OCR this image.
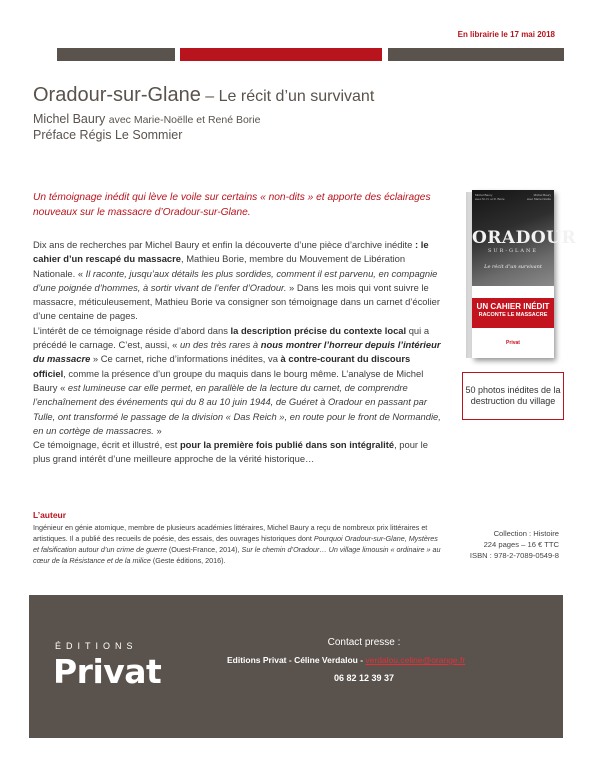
En librairie le 17 mai 2018
Oradour-sur-Glane – Le récit d’un survivant
Michel Baury avec Marie-Noëlle et René Borie
Préface Régis Le Sommier
Un témoignage inédit qui lève le voile sur certains « non-dits » et apporte des éclairages nouveaux sur le massacre d’Oradour-sur-Glane.

Dix ans de recherches par Michel Baury et enfin la découverte d’une pièce d’archive inédite : le cahier d’un rescapé du massacre, Mathieu Borie, membre du Mouvement de Libération Nationale. « Il raconte, jusqu’aux détails les plus sordides, comment il est parvenu, en compagnie d’une poignée d’hommes, à sortir vivant de l’enfer d’Oradour. » Dans les mois qui vont suivre le massacre, méticuleusement, Mathieu Borie va consigner son témoignage dans un carnet d’écolier d’une centaine de pages.

L’intérêt de ce témoignage réside d’abord dans la description précise du contexte local qui a précédé le carnage. C’est, aussi, « un des très rares à nous montrer l’horreur depuis l’intérieur du massacre » Ce carnet, riche d’informations inédites, va à contre-courant du discours officiel, comme la présence d’un groupe du maquis dans le bourg même. L’analyse de Michel Baury « est lumineuse car elle permet, en parallèle de la lecture du carnet, de comprendre l’enchaînement des événements qui du 8 au 10 juin 1944, de Guéret à Oradour en passant par Tulle, ont transformé le passage de la division « Das Reich », en route pour le front de Normandie, en un cortège de massacres. »

Ce témoignage, écrit et illustré, est pour la première fois publié dans son intégralité, pour le plus grand intérêt d’une meilleure approche de la vérité historique…

Michel Baury
avec M.-N. et R. Borie
Michel Baury
avec Marie-Noëlle
ORADOUR
SUR-GLANE
Le récit d’un survivant
UN CAHIER INÉDIT
RACONTE LE MASSACRE
Privat
50 photos inédites de la destruction du village
L’auteur
Ingénieur en génie atomique, membre de plusieurs académies littéraires, Michel Baury a reçu de nombreux prix littéraires et artistiques. Il a publié des recueils de poésie, des essais, des ouvrages historiques dont Pourquoi Oradour-sur-Glane, Mystères et falsification autour d’un crime de guerre (Ouest-France, 2014), Sur le chemin d’Oradour… Un village limousin « ordinaire » au cœur de la Résistance et de la milice (Geste éditions, 2016).
Collection : Histoire
224 pages – 16 € TTC
ISBN : 978-2-7089-0549-8
ÉDITIONS
Privat
Contact presse :
Editions Privat - Céline Verdalou - verdalou.celine@orange.fr
06 82 12 39 37
